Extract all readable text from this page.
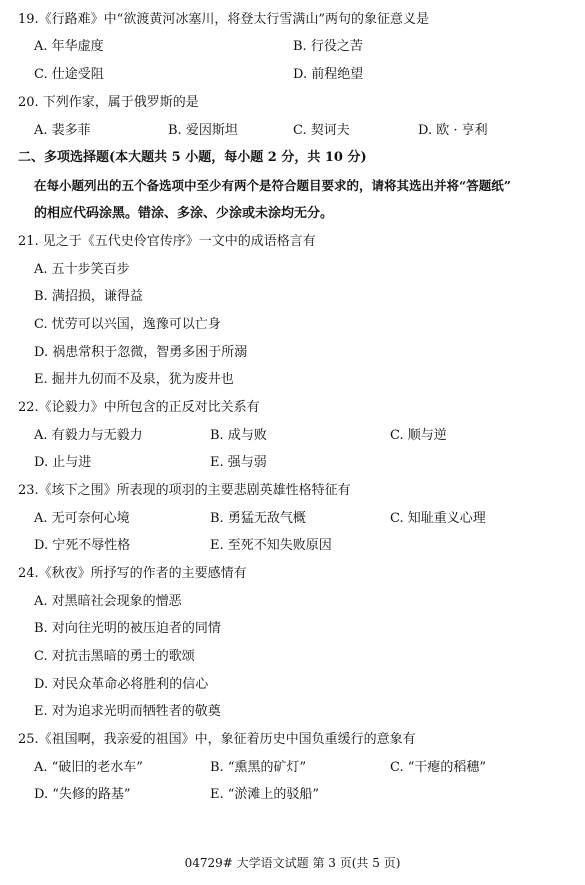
19.《行路难》中“欲渡黄河冰塞川，将登太行雪满山”两句的象征意义是
A. 年华虚度	B. 行役之苦
C. 仕途受阻	D. 前程绝望
20. 下列作家，属于俄罗斯的是
A. 裴多菲	B. 爱因斯坦	C. 契诃夫	D. 欧 · 亨利
二、多项选择题(本大题共 5 小题，每小题 2 分，共 10 分)
在每小题列出的五个备选项中至少有两个是符合题目要求的，请将其选出并将“答题纸”
的相应代码涂黑。错涂、多涂、少涂或未涂均无分。
21. 见之于《五代史伶官传序》一文中的成语格言有
A. 五十步笑百步
B. 满招损，谦得益
C. 忧劳可以兴国，逸豫可以亡身
D. 祸患常积于忽微，智勇多困于所溺
E. 掘井九仞而不及泉，犹为废井也
22.《论毅力》中所包含的正反对比关系有
A. 有毅力与无毅力	B. 成与败	C. 顺与逆
D. 止与进	E. 强与弱
23.《垓下之围》所表现的项羽的主要悲剧英雄性格特征有
A. 无可奈何心境	B. 勇猛无敌气概	C. 知耻重义心理
D. 宁死不辱性格	E. 至死不知失败原因
24.《秋夜》所抒写的作者的主要感情有
A. 对黑暗社会现象的憎恶
B. 对向往光明的被压迫者的同情
C. 对抗击黑暗的勇士的歌颂
D. 对民众革命必将胜利的信心
E. 对为追求光明而牺牲者的敬奠
25.《祖国啊，我亲爱的祖国》中，象征着历史中国负重缓行的意象有
A. “破旧的老水车”	B. “熏黑的矿灯”	C. “干瘪的稻穗”
D. “失修的路基”	E. “淤滩上的驳船”
04729# 大学语文试题 第 3 页(共 5 页)
